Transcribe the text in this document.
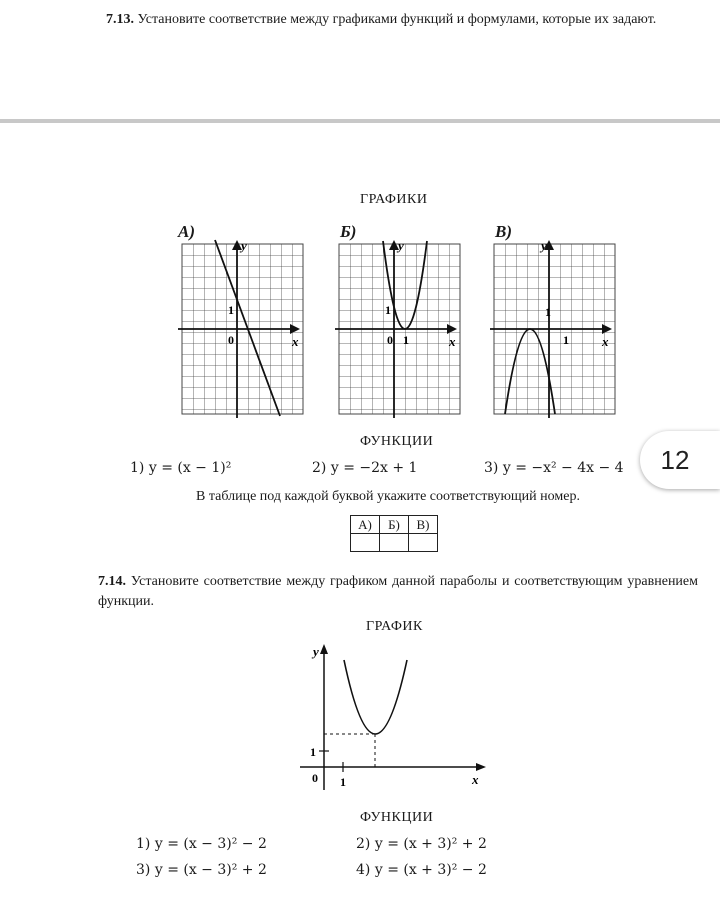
7.13. Установите соответствие между графиками функций и формулами, которые их задают.
ГРАФИКИ
А)	Б)	В)
y
x
1
0
y
x
1
0 1
y
x
1
1
ФУНКЦИИ
1) y = (x − 1)²	2) y = −2x + 1	3) y = −x² − 4x − 4	12
В таблице под каждой буквой укажите соответствующий номер.
А)	Б)	В)

7.14. Установите соответствие между графиком данной параболы и соответствующим уравнением функции.
ГРАФИК
y
x
1
0 1
ФУНКЦИИ
1) y = (x − 3)² − 2	2) y = (x + 3)² + 2
3) y = (x − 3)² + 2	4) y = (x + 3)² − 2
